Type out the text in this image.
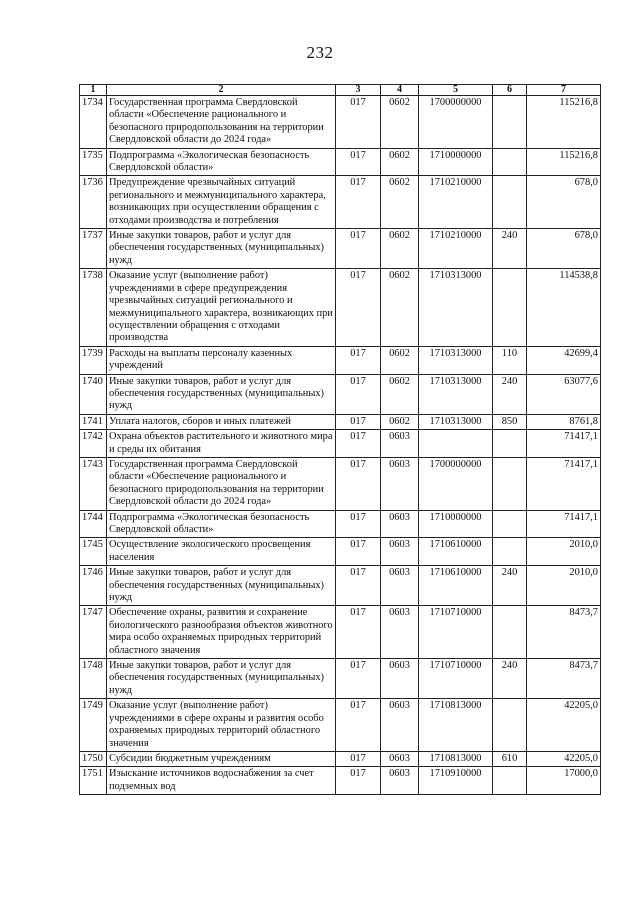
232
1	2	3	4	5	6	7
1734	Государственная программа Свердловской области «Обеспечение рационального и безопасного природопользования на территории Свердловской области до 2024 года»	017	0602	1700000000		115216,8
1735	Подпрограмма «Экологическая безопасность Свердловской области»	017	0602	1710000000		115216,8
1736	Предупреждение чрезвычайных ситуаций регионального и межмуниципального характера, возникающих при осуществлении обращения с отходами производства и потребления	017	0602	1710210000		678,0
1737	Иные закупки товаров, работ и услуг для обеспечения государственных (муниципальных) нужд	017	0602	1710210000	240	678,0
1738	Оказание услуг (выполнение работ) учреждениями в сфере предупреждения чрезвычайных ситуаций регионального и межмуниципального характера, возникающих при осуществлении обращения с отходами производства	017	0602	1710313000		114538,8
1739	Расходы на выплаты персоналу казенных учреждений	017	0602	1710313000	110	42699,4
1740	Иные закупки товаров, работ и услуг для обеспечения государственных (муниципальных) нужд	017	0602	1710313000	240	63077,6
1741	Уплата налогов, сборов и иных платежей	017	0602	1710313000	850	8761,8
1742	Охрана объектов растительного и животного мира и среды их обитания	017	0603			71417,1
1743	Государственная программа Свердловской области «Обеспечение рационального и безопасного природопользования на территории Свердловской области до 2024 года»	017	0603	1700000000		71417,1
1744	Подпрограмма «Экологическая безопасность Свердловской области»	017	0603	1710000000		71417,1
1745	Осуществление экологического просвещения населения	017	0603	1710610000		2010,0
1746	Иные закупки товаров, работ и услуг для обеспечения государственных (муниципальных) нужд	017	0603	1710610000	240	2010,0
1747	Обеспечение охраны, развития и сохранение биологического разнообразия объектов животного мира особо охраняемых природных территорий областного значения	017	0603	1710710000		8473,7
1748	Иные закупки товаров, работ и услуг для обеспечения государственных (муниципальных) нужд	017	0603	1710710000	240	8473,7
1749	Оказание услуг (выполнение работ) учреждениями в сфере охраны и развития особо охраняемых природных территорий областного значения	017	0603	1710813000		42205,0
1750	Субсидии бюджетным учреждениям	017	0603	1710813000	610	42205,0
1751	Изыскание источников водоснабжения за счет подземных вод	017	0603	1710910000		17000,0
